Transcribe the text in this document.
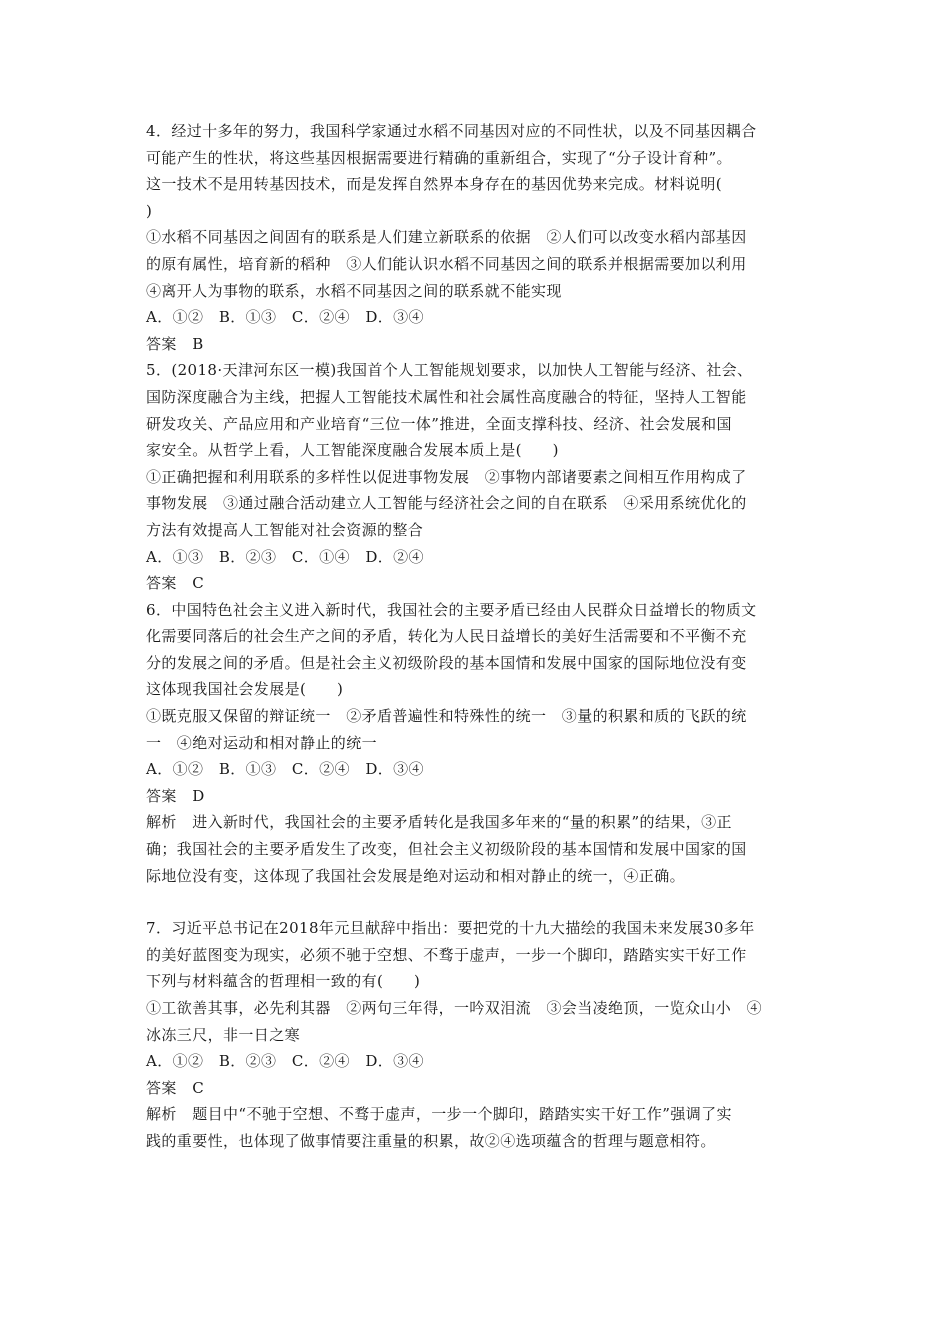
4．经过十多年的努力，我国科学家通过水稻不同基因对应的不同性状，以及不同基因耦合
可能产生的性状，将这些基因根据需要进行精确的重新组合，实现了“分子设计育种”。
这一技术不是用转基因技术，而是发挥自然界本身存在的基因优势来完成。材料说明(
)
①水稻不同基因之间固有的联系是人们建立新联系的依据　②人们可以改变水稻内部基因
的原有属性，培育新的稻种　③人们能认识水稻不同基因之间的联系并根据需要加以利用
④离开人为事物的联系，水稻不同基因之间的联系就不能实现
A．①②　B．①③　C．②④　D．③④
答案　B
5．(2018·天津河东区一模)我国首个人工智能规划要求，以加快人工智能与经济、社会、
国防深度融合为主线，把握人工智能技术属性和社会属性高度融合的特征，坚持人工智能
研发攻关、产品应用和产业培育“三位一体”推进，全面支撑科技、经济、社会发展和国
家安全。从哲学上看，人工智能深度融合发展本质上是(　　)
①正确把握和利用联系的多样性以促进事物发展　②事物内部诸要素之间相互作用构成了
事物发展　③通过融合活动建立人工智能与经济社会之间的自在联系　④采用系统优化的
方法有效提高人工智能对社会资源的整合
A．①③　B．②③　C．①④　D．②④
答案　C
6．中国特色社会主义进入新时代，我国社会的主要矛盾已经由人民群众日益增长的物质文
化需要同落后的社会生产之间的矛盾，转化为人民日益增长的美好生活需要和不平衡不充
分的发展之间的矛盾。但是社会主义初级阶段的基本国情和发展中国家的国际地位没有变
这体现我国社会发展是(　　)
①既克服又保留的辩证统一　②矛盾普遍性和特殊性的统一　③量的积累和质的飞跃的统
一　④绝对运动和相对静止的统一
A．①②　B．①③　C．②④　D．③④
答案　D
解析　进入新时代，我国社会的主要矛盾转化是我国多年来的“量的积累”的结果，③正
确；我国社会的主要矛盾发生了改变，但社会主义初级阶段的基本国情和发展中国家的国
际地位没有变，这体现了我国社会发展是绝对运动和相对静止的统一，④正确。
7．习近平总书记在2018年元旦献辞中指出：要把党的十九大描绘的我国未来发展30多年
的美好蓝图变为现实，必须不驰于空想、不骛于虚声，一步一个脚印，踏踏实实干好工作
下列与材料蕴含的哲理相一致的有(　　)
①工欲善其事，必先利其器　②两句三年得，一吟双泪流　③会当凌绝顶，一览众山小　④
冰冻三尺，非一日之寒
A．①②　B．②③　C．②④　D．③④
答案　C
解析　题目中“不驰于空想、不骛于虚声，一步一个脚印，踏踏实实干好工作”强调了实
践的重要性，也体现了做事情要注重量的积累，故②④选项蕴含的哲理与题意相符。
